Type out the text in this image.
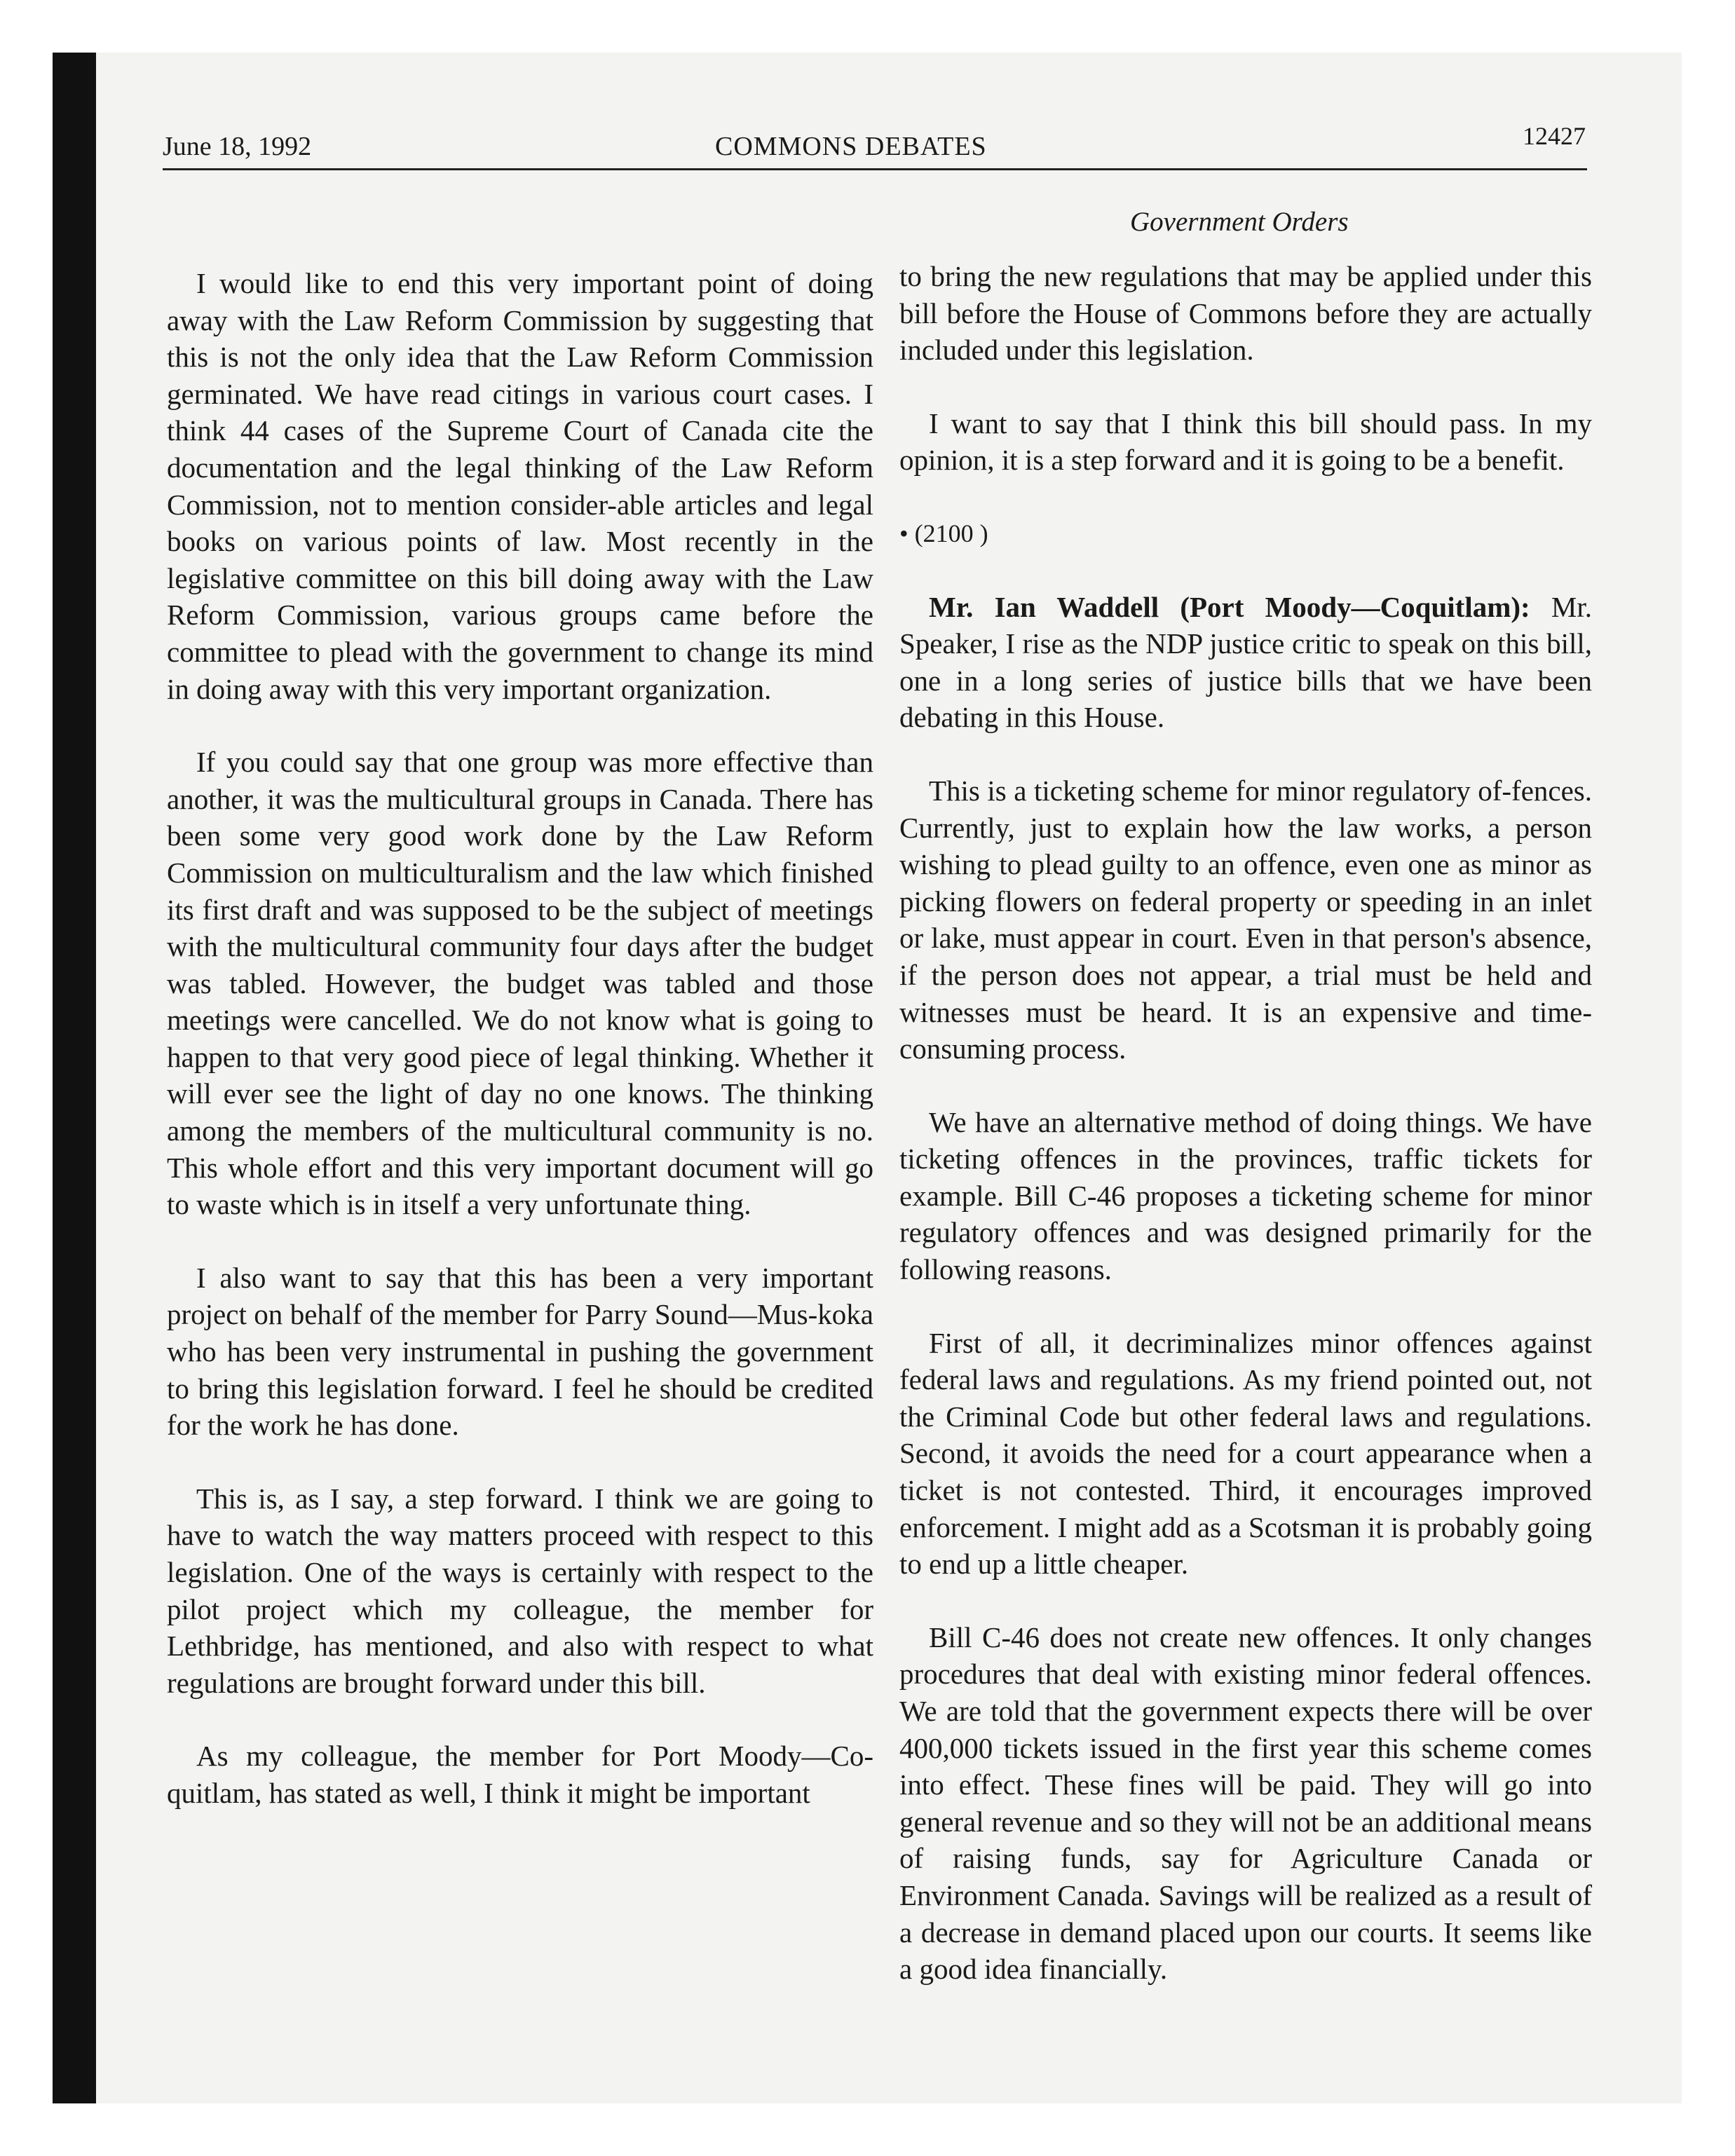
June 18, 1992	COMMONS DEBATES	12427
Government Orders

I would like to end this very important point of doing away with the Law Reform Commission by suggesting that this is not the only idea that the Law Reform Commission germinated. We have read citings in various court cases. I think 44 cases of the Supreme Court of Canada cite the documentation and the legal thinking of the Law Reform Commission, not to mention consider-able articles and legal books on various points of law. Most recently in the legislative committee on this bill doing away with the Law Reform Commission, various groups came before the committee to plead with the government to change its mind in doing away with this very important organization.

If you could say that one group was more effective than another, it was the multicultural groups in Canada. There has been some very good work done by the Law Reform Commission on multiculturalism and the law which finished its first draft and was supposed to be the subject of meetings with the multicultural community four days after the budget was tabled. However, the budget was tabled and those meetings were cancelled. We do not know what is going to happen to that very good piece of legal thinking. Whether it will ever see the light of day no one knows. The thinking among the members of the multicultural community is no. This whole effort and this very important document will go to waste which is in itself a very unfortunate thing.

I also want to say that this has been a very important project on behalf of the member for Parry Sound—Mus-koka who has been very instrumental in pushing the government to bring this legislation forward. I feel he should be credited for the work he has done.

This is, as I say, a step forward. I think we are going to have to watch the way matters proceed with respect to this legislation. One of the ways is certainly with respect to the pilot project which my colleague, the member for Lethbridge, has mentioned, and also with respect to what regulations are brought forward under this bill.

As my colleague, the member for Port Moody—Co-quitlam, has stated as well, I think it might be important

to bring the new regulations that may be applied under this bill before the House of Commons before they are actually included under this legislation.

I want to say that I think this bill should pass. In my opinion, it is a step forward and it is going to be a benefit.

• (2100 )

Mr. Ian Waddell (Port Moody—Coquitlam): Mr. Speaker, I rise as the NDP justice critic to speak on this bill, one in a long series of justice bills that we have been debating in this House.

This is a ticketing scheme for minor regulatory of-fences. Currently, just to explain how the law works, a person wishing to plead guilty to an offence, even one as minor as picking flowers on federal property or speeding in an inlet or lake, must appear in court. Even in that person's absence, if the person does not appear, a trial must be held and witnesses must be heard. It is an expensive and time-consuming process.

We have an alternative method of doing things. We have ticketing offences in the provinces, traffic tickets for example. Bill C-46 proposes a ticketing scheme for minor regulatory offences and was designed primarily for the following reasons.

First of all, it decriminalizes minor offences against federal laws and regulations. As my friend pointed out, not the Criminal Code but other federal laws and regulations. Second, it avoids the need for a court appearance when a ticket is not contested. Third, it encourages improved enforcement. I might add as a Scotsman it is probably going to end up a little cheaper.

Bill C-46 does not create new offences. It only changes procedures that deal with existing minor federal offences. We are told that the government expects there will be over 400,000 tickets issued in the first year this scheme comes into effect. These fines will be paid. They will go into general revenue and so they will not be an additional means of raising funds, say for Agriculture Canada or Environment Canada. Savings will be realized as a result of a decrease in demand placed upon our courts. It seems like a good idea financially.
